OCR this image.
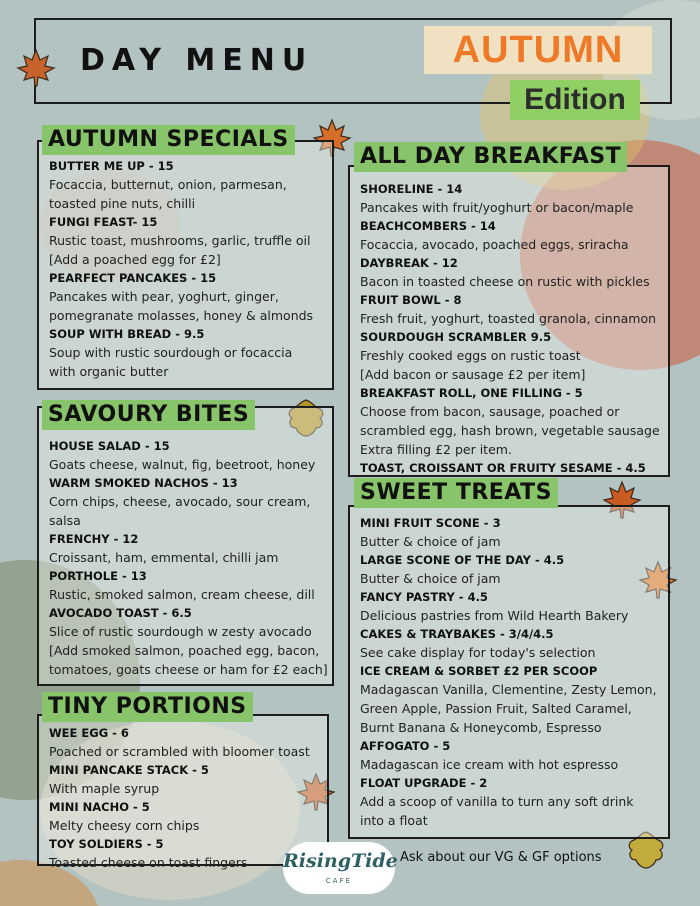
DAY MENU	AUTUMN
Edition
AUTUMN SPECIALS
BUTTER ME UP - 15
Focaccia, butternut, onion, parmesan,
toasted pine nuts, chilli
FUNGI FEAST- 15
Rustic toast, mushrooms, garlic, truffle oil
[Add a poached egg for £2]
PEARFECT PANCAKES - 15
Pancakes with pear, yoghurt, ginger,
pomegranate molasses, honey & almonds
SOUP WITH BREAD - 9.5
Soup with rustic sourdough or focaccia
with organic butter
SAVOURY BITES
HOUSE SALAD - 15
Goats cheese, walnut, fig, beetroot, honey
WARM SMOKED NACHOS - 13
Corn chips, cheese, avocado, sour cream,
salsa
FRENCHY - 12
Croissant, ham, emmental, chilli jam
PORTHOLE - 13
Rustic, smoked salmon, cream cheese, dill
AVOCADO TOAST - 6.5
Slice of rustic sourdough w zesty avocado
[Add smoked salmon, poached egg, bacon,
tomatoes, goats cheese or ham for £2 each]
TINY PORTIONS
WEE EGG - 6
Poached or scrambled with bloomer toast
MINI PANCAKE STACK - 5
With maple syrup
MINI NACHO - 5
Melty cheesy corn chips
TOY SOLDIERS - 5
Toasted cheese on toast fingers
ALL DAY BREAKFAST
SHORELINE - 14
Pancakes with fruit/yoghurt or bacon/maple
BEACHCOMBERS - 14
Focaccia, avocado, poached eggs, sriracha
DAYBREAK - 12
Bacon in toasted cheese on rustic with pickles
FRUIT BOWL - 8
Fresh fruit, yoghurt, toasted granola, cinnamon
SOURDOUGH SCRAMBLER 9.5
Freshly cooked eggs on rustic toast
[Add bacon or sausage £2 per item]
BREAKFAST ROLL, ONE FILLING - 5
Choose from bacon, sausage, poached or
scrambled egg, hash brown, vegetable sausage
Extra filling £2 per item.
TOAST, CROISSANT OR FRUITY SESAME - 4.5
SWEET TREATS
MINI FRUIT SCONE - 3
Butter & choice of jam
LARGE SCONE OF THE DAY - 4.5
Butter & choice of jam
FANCY PASTRY - 4.5
Delicious pastries from Wild Hearth Bakery
CAKES & TRAYBAKES - 3/4/4.5
See cake display for today's selection
ICE CREAM & SORBET £2 PER SCOOP
Madagascan Vanilla, Clementine, Zesty Lemon,
Green Apple, Passion Fruit, Salted Caramel,
Burnt Banana & Honeycomb, Espresso
AFFOGATO - 5
Madagascan ice cream with hot espresso
FLOAT UPGRADE - 2
Add a scoop of vanilla to turn any soft drink
into a float
RisingTide
CAFE
Ask about our VG & GF options
